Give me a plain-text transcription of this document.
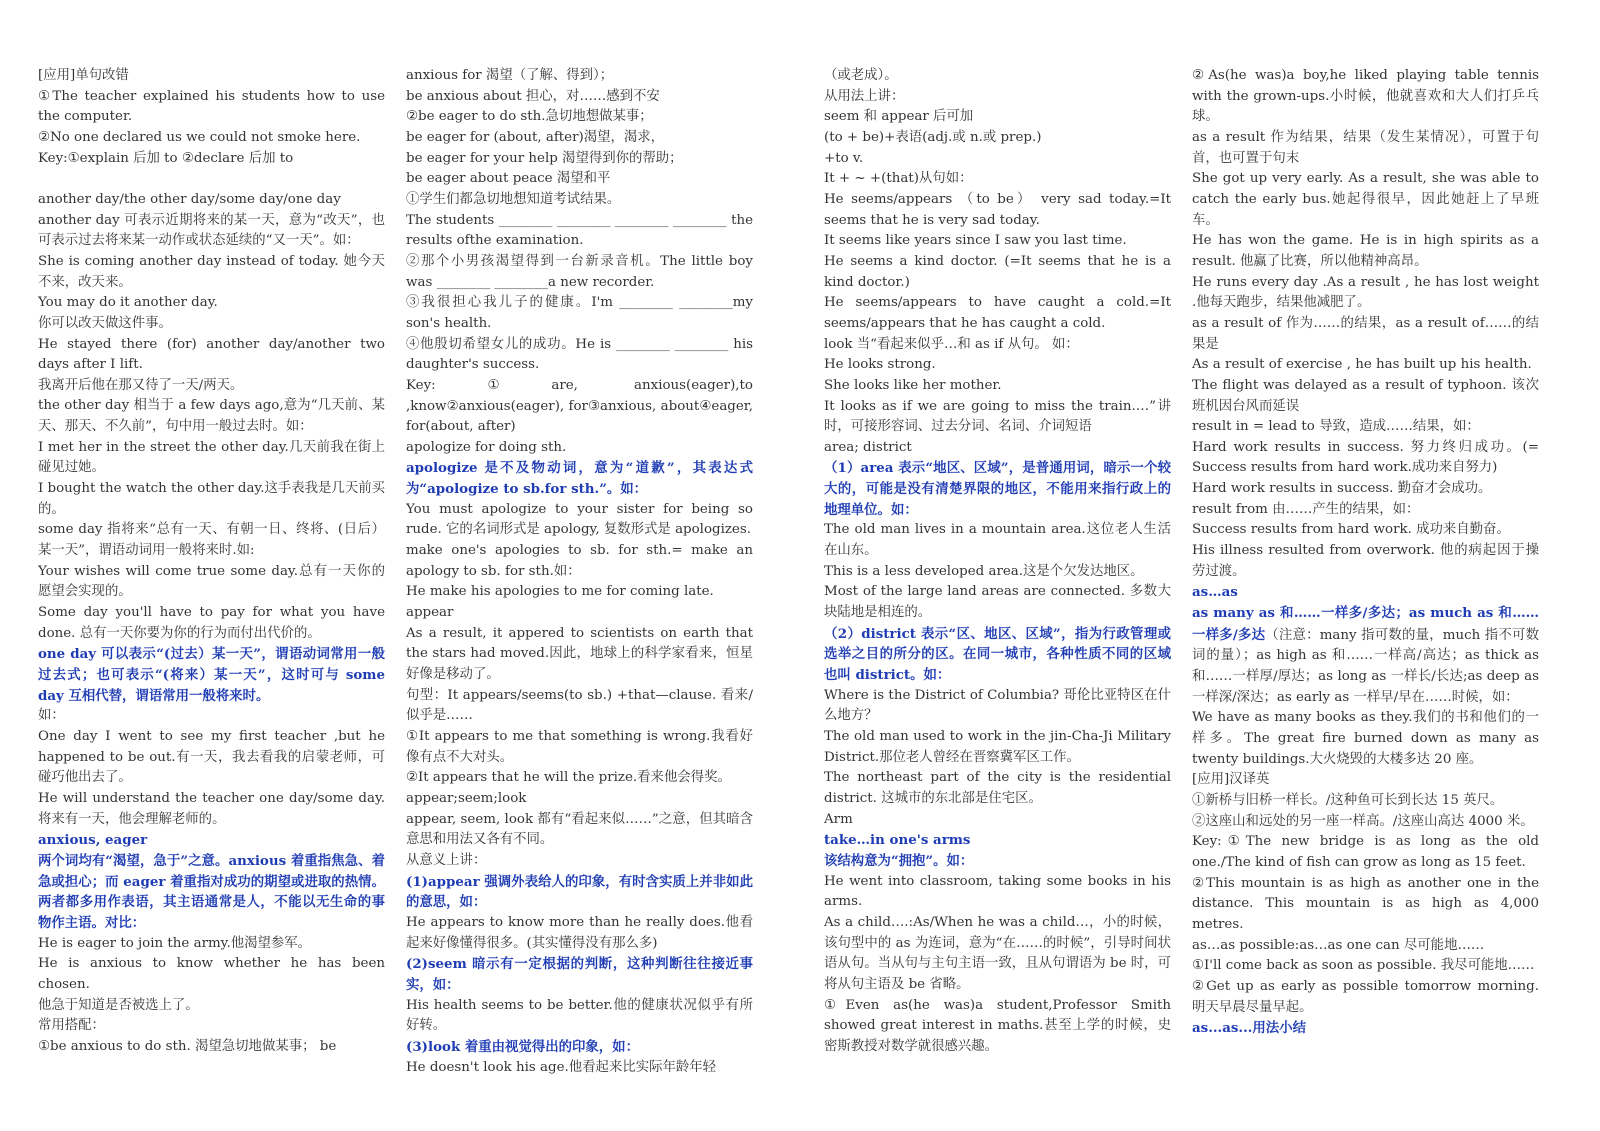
[应用]单句改错
①The teacher explained his students how to use the computer.
②No one declared us we could not smoke here.
Key:①explain 后加 to ②declare 后加 to
another day/the other day/some day/one day
another day 可表示近期将来的某一天，意为“改天”，也可表示过去将来某一动作或状态延续的“又一天”。如：
She is coming another day instead of today. 她今天不来，改天来。
You may do it another day.
你可以改天做这件事。
He stayed there (for) another day/another two days after I lift.
我离开后他在那又待了一天/两天。
the other day 相当于 a few days ago,意为“几天前、某天、那天、不久前”，句中用一般过去时。如：
I met her in the street the other day.几天前我在街上碰见过她。
I bought the watch the other day.这手表我是几天前买的。
some day 指将来“总有一天、有朝一日、终将、(日后）某一天”，谓语动词用一般将来时.如:
Your wishes will come true some day.总有一天你的愿望会实现的。
Some day you'll have to pay for what you have done. 总有一天你要为你的行为而付出代价的。
one day 可以表示“(过去）某一天”，谓语动词常用一般过去式；也可表示“(将来）某一天”，这时可与 some day 互相代替，谓语常用一般将来时。
如：
One day I went to see my first teacher ,but he happened to be out.有一天，我去看我的启蒙老师，可碰巧他出去了。
He will understand the teacher one day/some day.将来有一天，他会理解老师的。
anxious, eager
两个词均有“渴望，急于”之意。anxious 着重指焦急、着急或担心；而 eager 着重指对成功的期望或进取的热情。两者都多用作表语，其主语通常是人，不能以无生命的事物作主语。对比：
He is eager to join the army.他渴望参军。
He is anxious to know whether he has been chosen.
他急于知道是否被选上了。
常用搭配：
①be anxious to do sth. 渴望急切地做某事； be
anxious for 渴望（了解、得到）；
be anxious about 担心，对……感到不安
②be eager to do sth.急切地想做某事；
be eager for (about, after)渴望，渴求，
be eager for your help 渴望得到你的帮助；
be eager about peace 渴望和平
①学生们都急切地想知道考试结果。
The students ________ ________ ________ ________ the results ofthe examination.
②那个小男孩渴望得到一台新录音机。The little boy was ________ ________a new recorder.
③我很担心我儿子的健康。I'm ________ ________my son's health.
④他殷切希望女儿的成功。He is ________ ________ his daughter's success.
Key:①are, anxious(eager),to ,know②anxious(eager), for③anxious, about④eager, for(about, after)
apologize for doing sth.
apologize 是不及物动词，意为“道歉”，其表达式为“apologize to sb.for sth.”。如：
You must apologize to your sister for being so rude. 它的名词形式是 apology, 复数形式是 apologizes.
make one's apologies to sb. for sth.= make an apology to sb. for sth.如：
He make his apologies to me for coming late.
appear
As a result, it appered to scientists on earth that the stars had moved.因此，地球上的科学家看来，恒星好像是移动了。
句型：It appears/seems(to sb.) +that—clause. 看来/似乎是……
①It appears to me that something is wrong.我看好像有点不大对头。
②It appears that he will the prize.看来他会得奖。
appear;seem;look
appear, seem, look 都有“看起来似……”之意，但其暗含意思和用法又各有不同。
从意义上讲：
(1)appear 强调外表给人的印象，有时含实质上并非如此的意思，如：
He appears to know more than he really does.他看起来好像懂得很多。(其实懂得没有那么多)
(2)seem 暗示有一定根据的判断，这种判断往往接近事实，如：
His health seems to be better.他的健康状况似乎有所好转。
(3)look 着重由视觉得出的印象，如：
He doesn't look his age.他看起来比实际年龄年轻
（或老成）。
从用法上讲：
seem 和 appear 后可加
(to + be)+表语(adj.或 n.或 prep.)
+to v.
It + ~ +(that)从句如：
He seems/appears （to be） very sad today.=It seems that he is very sad today.
It seems like years since I saw you last time.
He seems a kind doctor. (=It seems that he is a kind doctor.)
He seems/appears to have caught a cold.=It seems/appears that he has caught a cold.
look 当“看起来似乎…和 as if 从句。 如：
He looks strong.
She looks like her mother.
It looks as if we are going to miss the train.…”讲时，可接形容词、过去分词、名词、介词短语
area; district
（1）area 表示“地区、区域”，是普通用词，暗示一个较大的，可能是没有清楚界限的地区，不能用来指行政上的地理单位。如：
The old man lives in a mountain area.这位老人生活在山东。
This is a less developed area.这是个欠发达地区。
Most of the large land areas are connected. 多数大块陆地是相连的。
（2）district 表示“区、地区、区域”，指为行政管理或选举之目的所分的区。在同一城市，各种性质不同的区域也叫 district。如：
Where is the District of Columbia? 哥伦比亚特区在什么地方？
The old man used to work in the jin-Cha-Ji Military District.那位老人曾经在晋察冀军区工作。
The northeast part of the city is the residential district. 这城市的东北部是住宅区。
Arm
take…in one's arms
该结构意为“拥抱”。如：
He went into classroom, taking some books in his arms.
As a child….:As/When he was a child…，小的时候，该句型中的 as 为连词，意为“在……的时候”，引导时间状语从句。当从句与主句主语一致，且从句谓语为 be 时，可将从句主语及 be 省略。
①Even as(he was)a student,Professor Smith showed great interest in maths.甚至上学的时候，史密斯教授对数学就很感兴趣。
②As(he was)a boy,he liked playing table tennis with the grown-ups.小时候，他就喜欢和大人们打乒乓球。
as a result 作为结果，结果（发生某情况），可置于句首，也可置于句末
She got up very early. As a result, she was able to catch the early bus.她起得很早，因此她赶上了早班车。
He has won the game. He is in high spirits as a result. 他赢了比赛，所以他精神高昂。
He runs every day .As a result , he has lost weight .他每天跑步，结果他减肥了。
as a result of 作为……的结果，as a result of……的结果是
As a result of exercise , he has built up his health.
The flight was delayed as a result of typhoon. 该次班机因台风而延误
result in = lead to 导致，造成……结果，如：
Hard work results in success. 努力终归成功。(= Success results from hard work.成功来自努力)
Hard work results in success. 勤奋才会成功。
result from 由……产生的结果，如：
Success results from hard work. 成功来自勤奋。
His illness resulted from overwork. 他的病起因于操劳过渡。
as…as
as many as 和……一样多/多达；as much as 和……一样多/多达（注意：many 指可数的量，much 指不可数词的量）；as high as 和……一样高/高达；as thick as 和……一样厚/厚达；as long as 一样长/长达;as deep as 一样深/深达；as early as 一样早/早在……时候，如：
We have as many books as they.我们的书和他们的一样多。The great fire burned down as many as twenty buildings.大火烧毁的大楼多达 20 座。
[应用]汉译英
①新桥与旧桥一样长。/这种鱼可长到长达 15 英尺。
②这座山和远处的另一座一样高。/这座山高达 4000 米。
Key:①The new bridge is as long as the old one./The kind of fish can grow as long as 15 feet.
②This mountain is as high as another one in the distance. This mountain is as high as 4,000 metres.
as…as possible:as…as one can 尽可能地……
①I'll come back as soon as possible. 我尽可能地……
②Get up as early as possible tomorrow morning. 明天早晨尽量早起。
as...as...用法小结
